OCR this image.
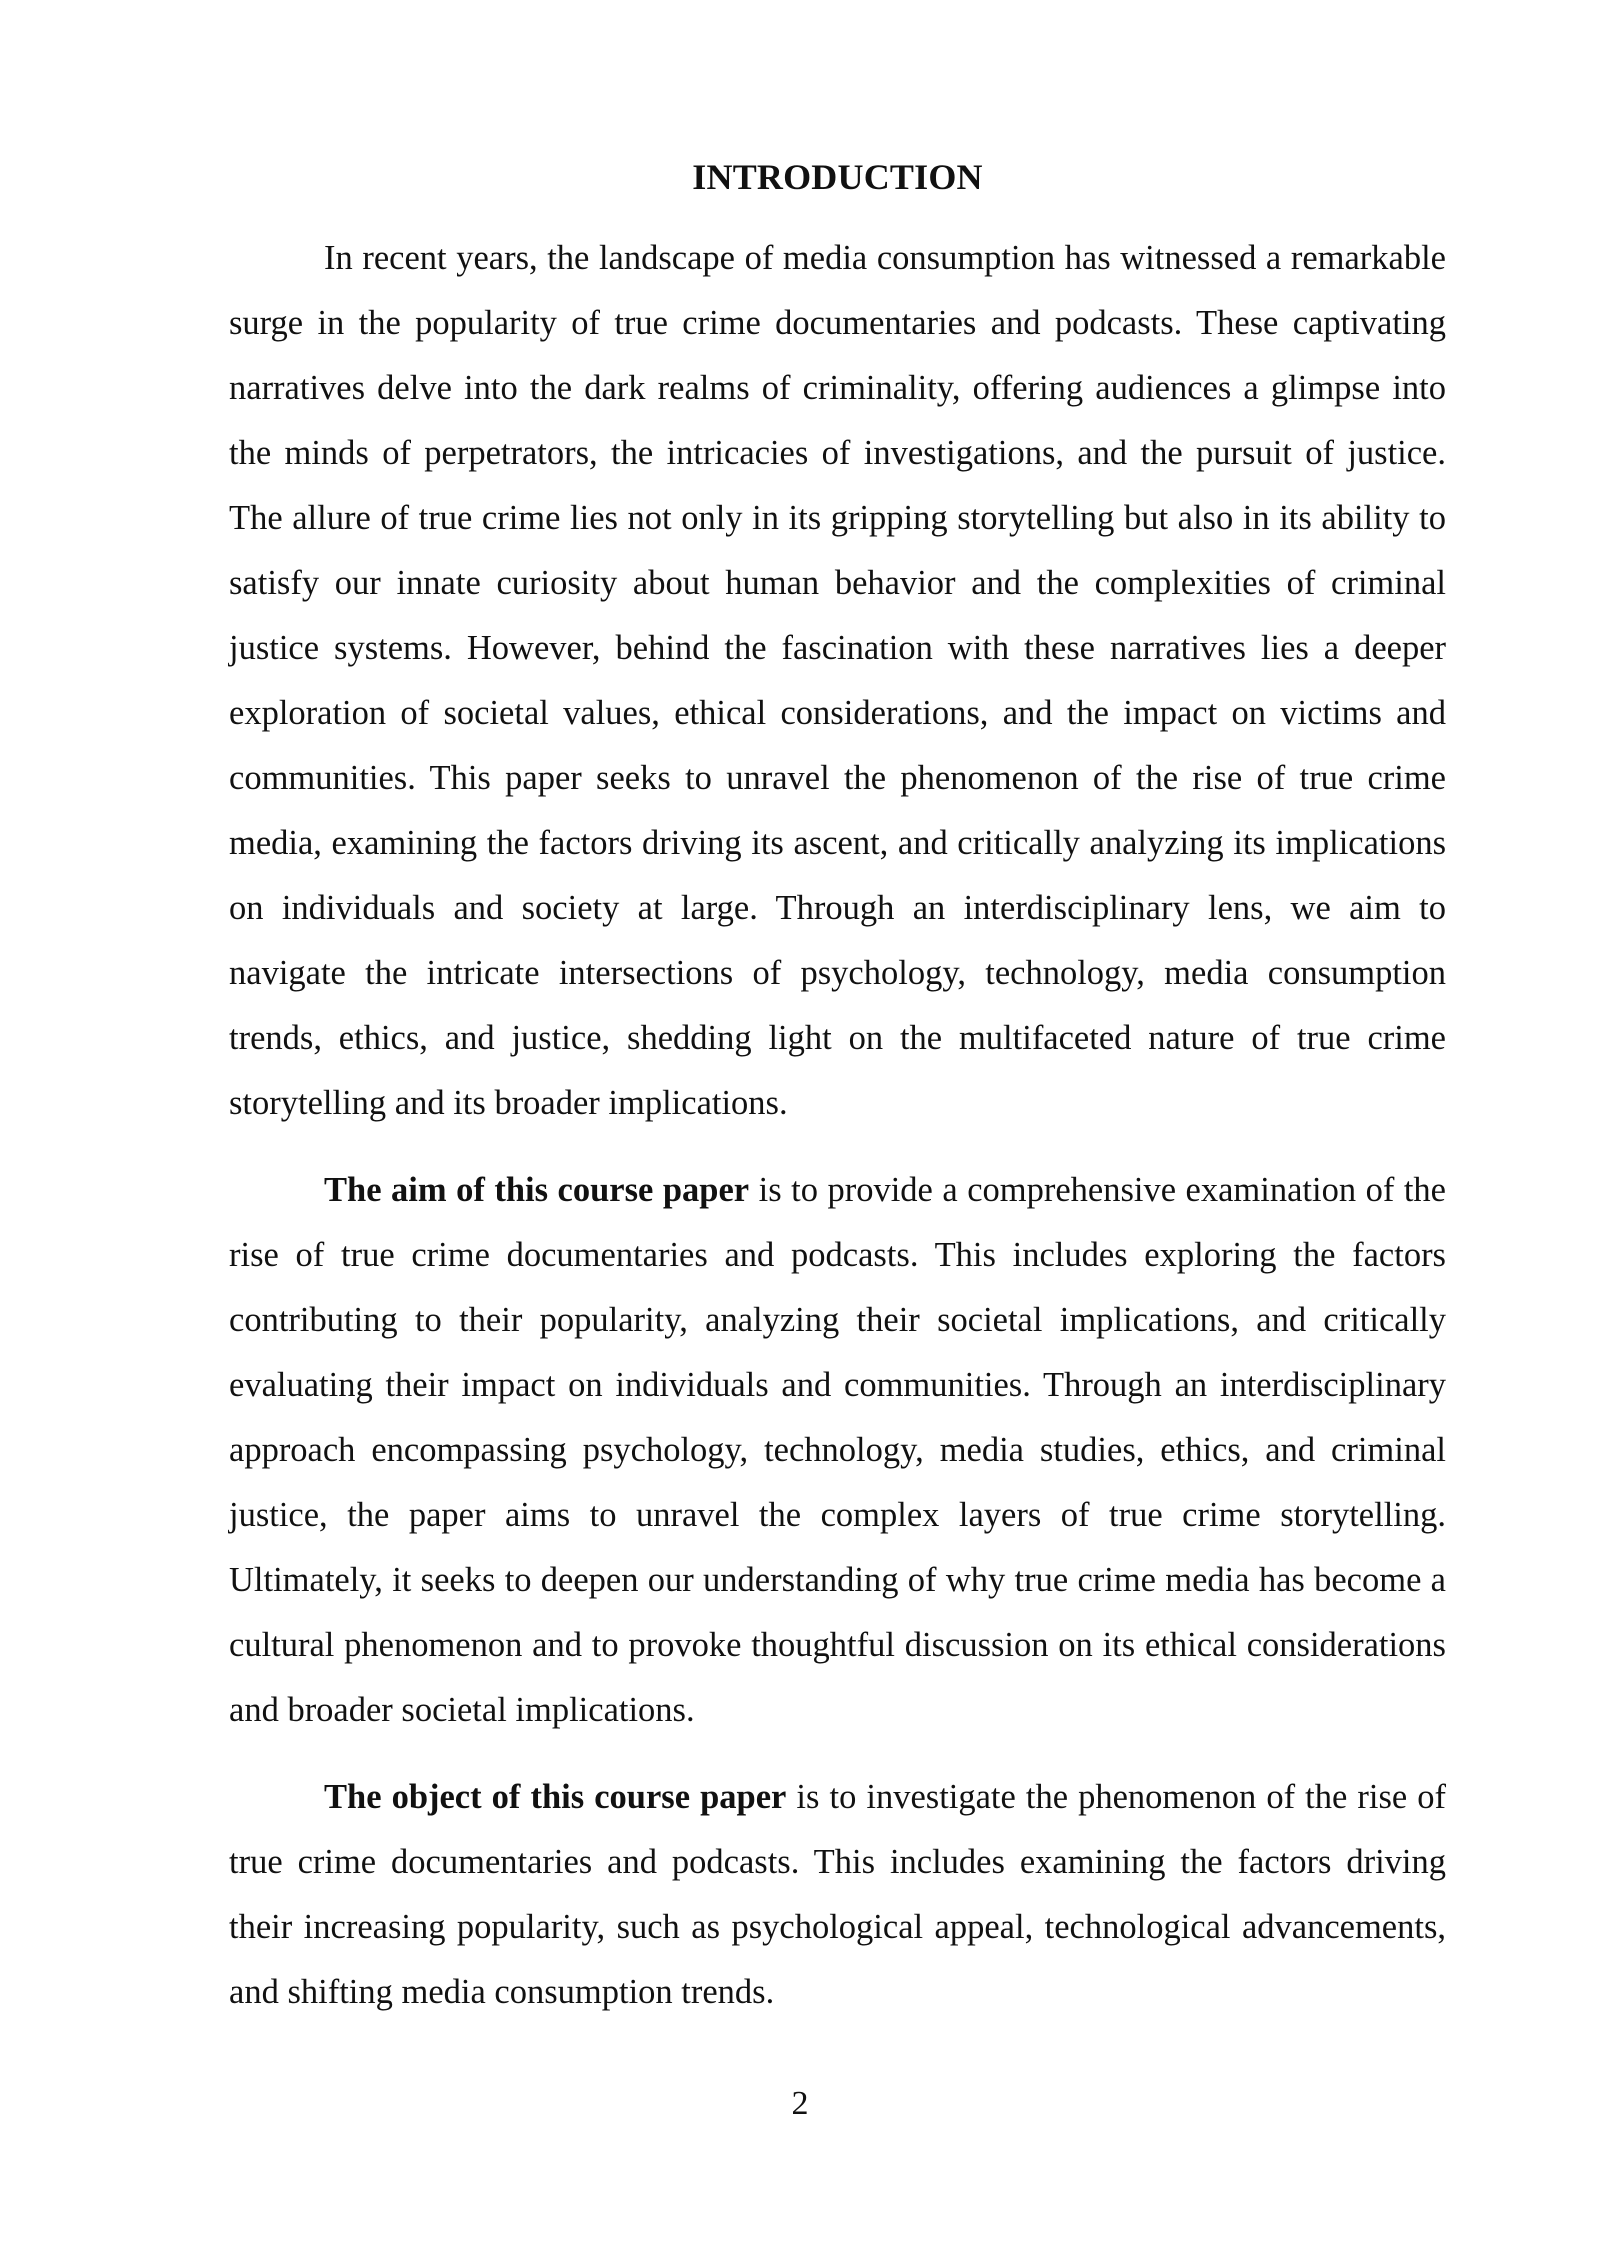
INTRODUCTION

In recent years, the landscape of media consumption has witnessed a remarkable surge in the popularity of true crime documentaries and podcasts. These captivating narratives delve into the dark realms of criminality, offering audiences a glimpse into the minds of perpetrators, the intricacies of investigations, and the pursuit of justice. The allure of true crime lies not only in its gripping storytelling but also in its ability to satisfy our innate curiosity about human behavior and the complexities of criminal justice systems. However, behind the fascination with these narratives lies a deeper exploration of societal values, ethical considerations, and the impact on victims and communities. This paper seeks to unravel the phenomenon of the rise of true crime media, examining the factors driving its ascent, and critically analyzing its implications on individuals and society at large. Through an interdisciplinary lens, we aim to navigate the intricate intersections of psychology, technology, media consumption trends, ethics, and justice, shedding light on the multifaceted nature of true crime storytelling and its broader implications.

The aim of this course paper is to provide a comprehensive examination of the rise of true crime documentaries and podcasts. This includes exploring the factors contributing to their popularity, analyzing their societal implications, and critically evaluating their impact on individuals and communities. Through an interdisciplinary approach encompassing psychology, technology, media studies, ethics, and criminal justice, the paper aims to unravel the complex layers of true crime storytelling. Ultimately, it seeks to deepen our understanding of why true crime media has become a cultural phenomenon and to provoke thoughtful discussion on its ethical considerations and broader societal implications.

The object of this course paper is to investigate the phenomenon of the rise of true crime documentaries and podcasts. This includes examining the factors driving their increasing popularity, such as psychological appeal, technological advancements, and shifting media consumption trends.

2
